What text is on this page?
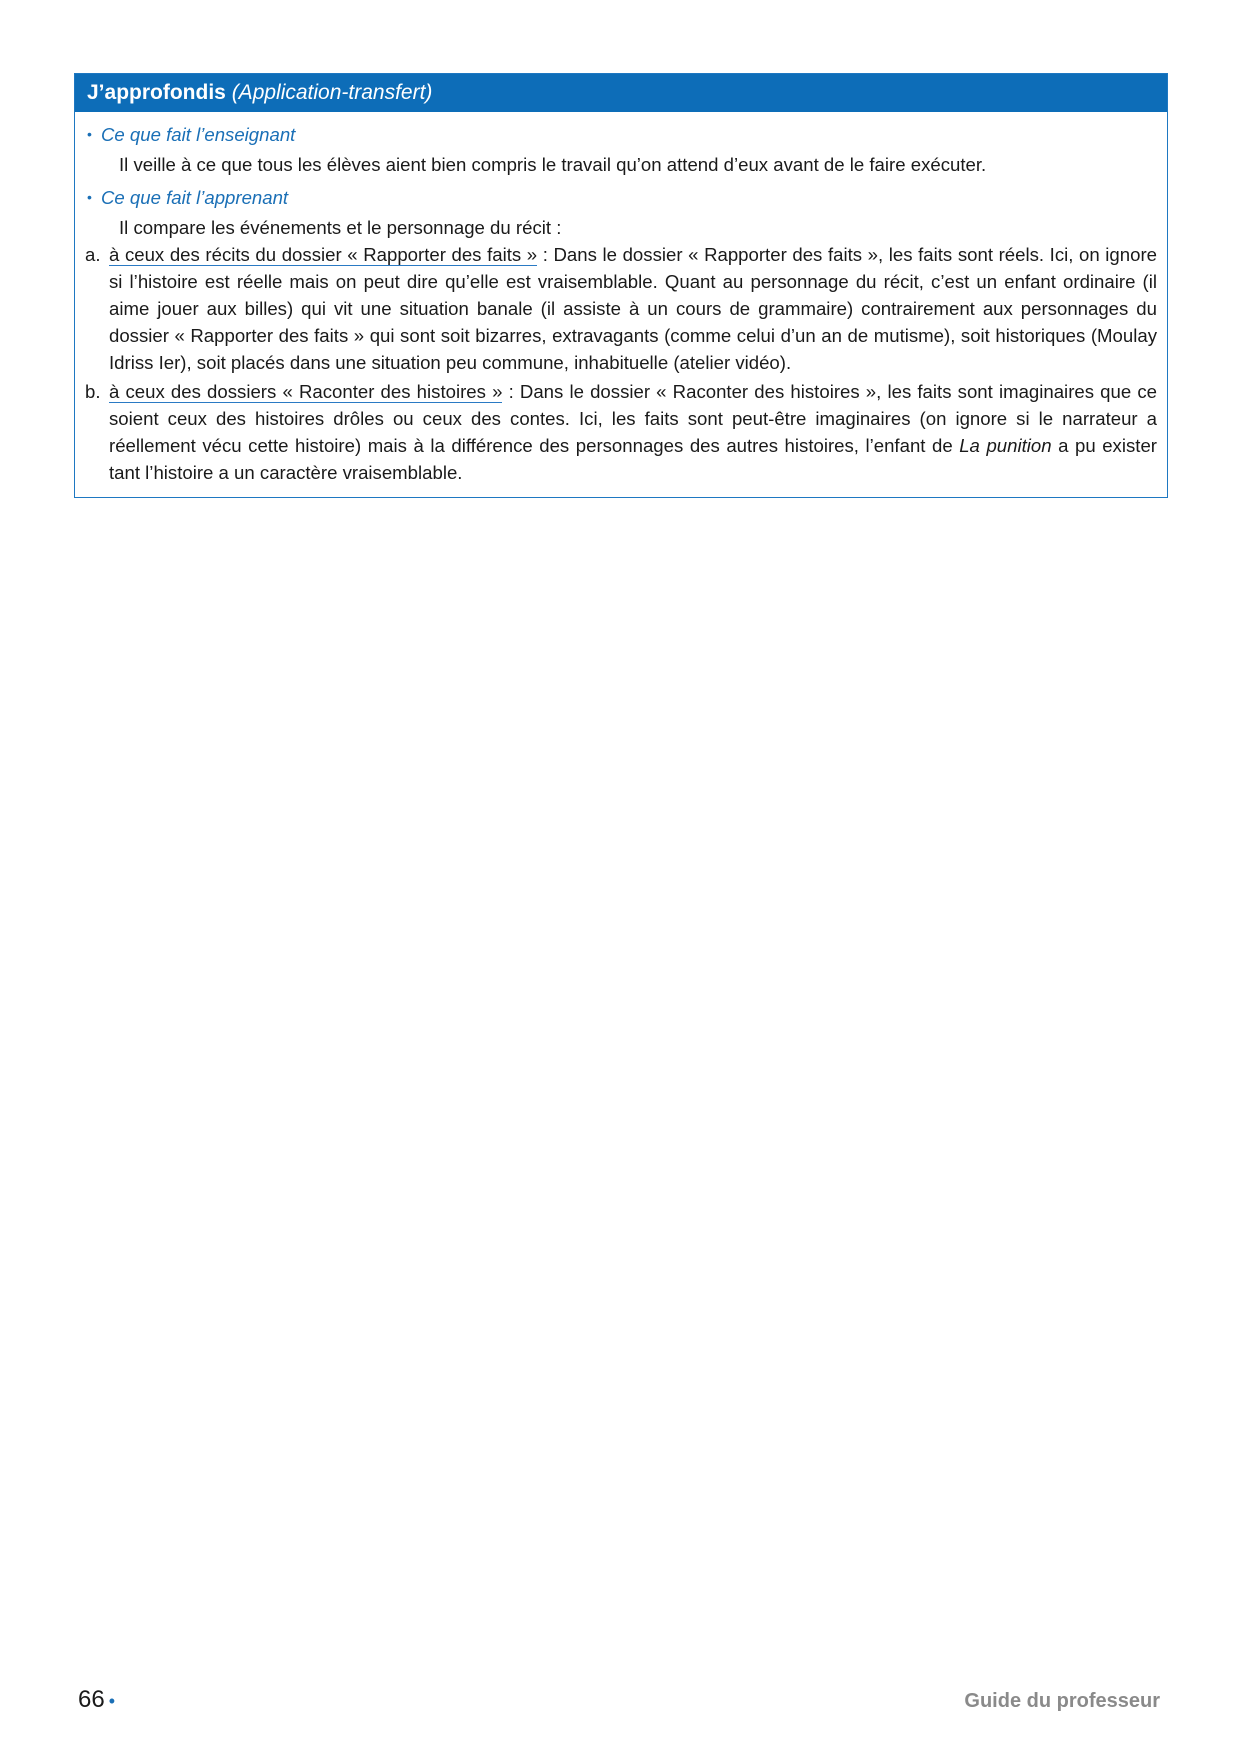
J’approfondis (Application-transfert)

• Ce que fait l’enseignant

Il veille à ce que tous les élèves aient bien compris le travail qu’on attend d’eux avant de le faire exécuter.

• Ce que fait l’apprenant

Il compare les événements et le personnage du récit :

a. à ceux des récits du dossier « Rapporter des faits » : Dans le dossier « Rapporter des faits », les faits sont réels. Ici, on ignore si l’histoire est réelle mais on peut dire qu’elle est vraisemblable. Quant au personnage du récit, c’est un enfant ordinaire (il aime jouer aux billes) qui vit une situation banale (il assiste à un cours de grammaire) contrairement aux personnages du dossier « Rapporter des faits » qui sont soit bizarres, extravagants (comme celui d’un an de mutisme), soit historiques (Moulay Idriss Ier), soit placés dans une situation peu commune, inhabituelle (atelier vidéo).
b. à ceux des dossiers « Raconter des histoires » : Dans le dossier « Raconter des histoires », les faits sont imaginaires que ce soient ceux des histoires drôles ou ceux des contes. Ici, les faits sont peut-être imaginaires (on ignore si le narrateur a réellement vécu cette histoire) mais à la différence des personnages des autres histoires, l’enfant de La punition a pu exister tant l’histoire a un caractère vraisemblable.
66 •	Guide du professeur
